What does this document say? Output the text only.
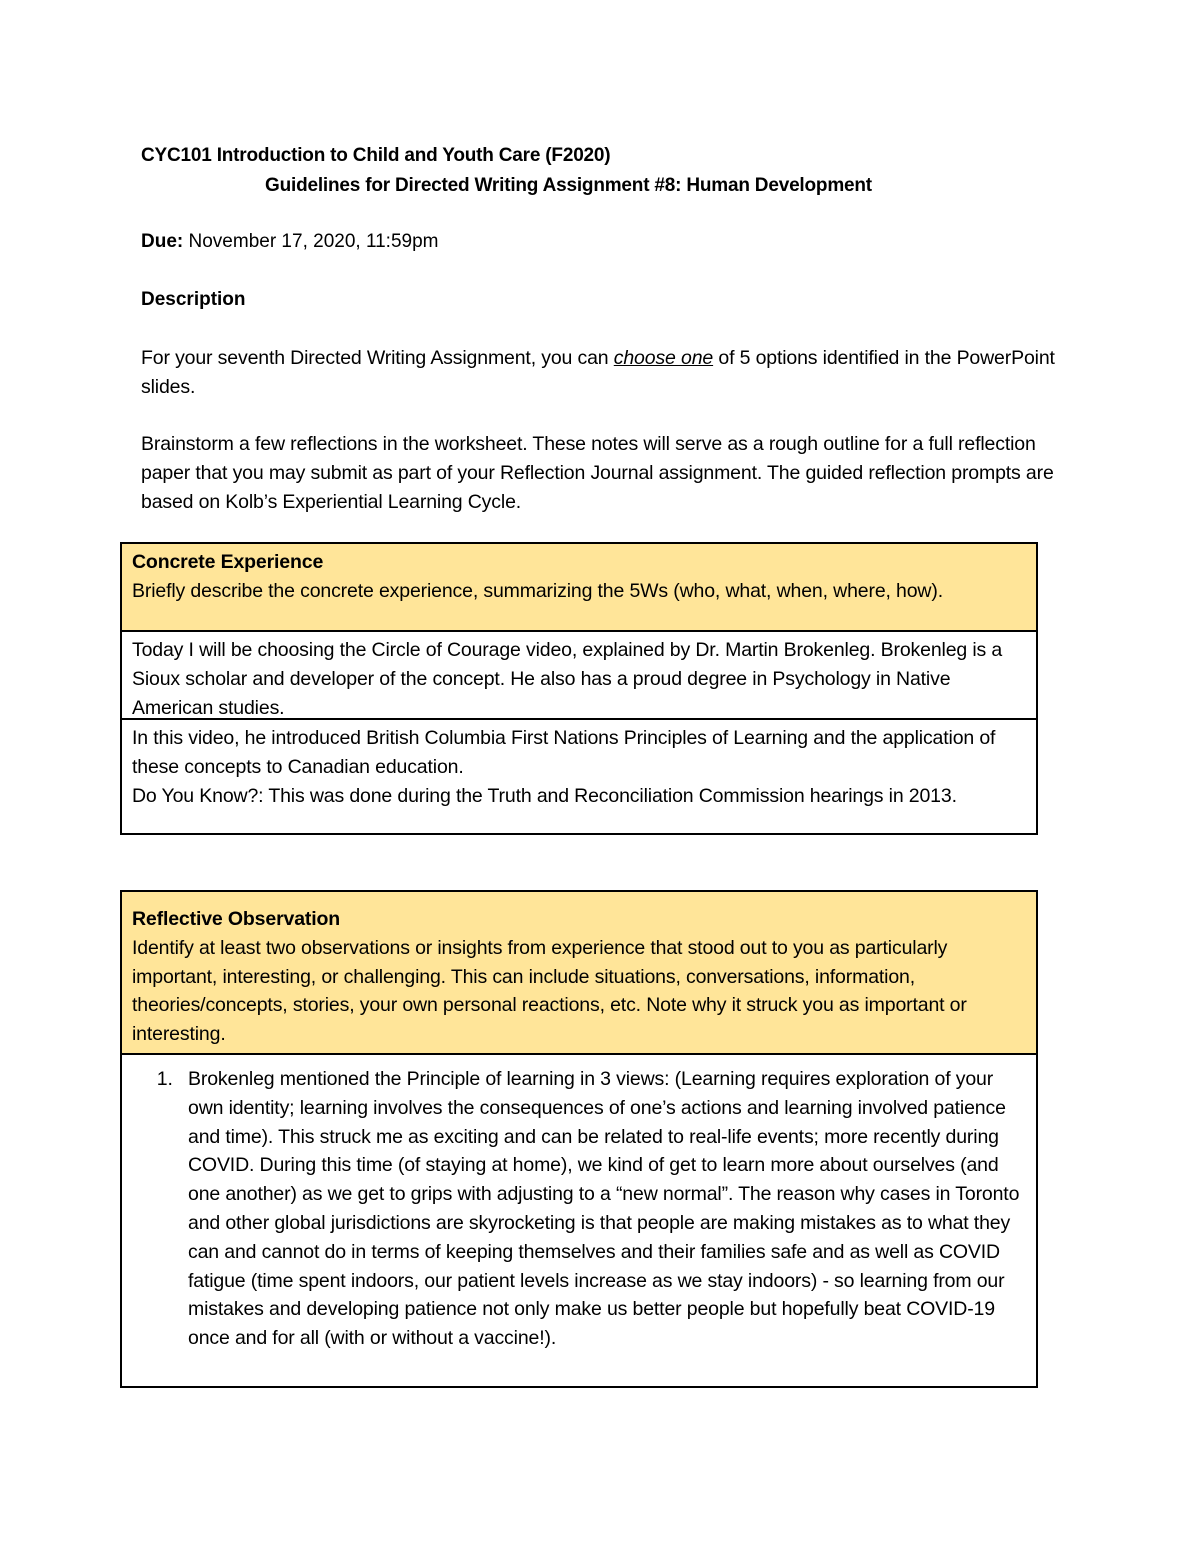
CYC101 Introduction to Child and Youth Care (F2020)
Guidelines for Directed Writing Assignment #8: Human Development
Due: November 17, 2020, 11:59pm
Description
For your seventh Directed Writing Assignment, you can choose one of 5 options identified in the PowerPoint slides.
Brainstorm a few reflections in the worksheet. These notes will serve as a rough outline for a full reflection paper that you may submit as part of your Reflection Journal assignment. The guided reflection prompts are based on Kolb’s Experiential Learning Cycle.
Concrete Experience
Briefly describe the concrete experience, summarizing the 5Ws (who, what, when, where, how).
Today I will be choosing the Circle of Courage video, explained by Dr. Martin Brokenleg. Brokenleg is a Sioux scholar and developer of the concept. He also has a proud degree in Psychology in Native American studies.
In this video, he introduced British Columbia First Nations Principles of Learning and the application of these concepts to Canadian education.
Do You Know?: This was done during the Truth and Reconciliation Commission hearings in 2013.
Reflective Observation
Identify at least two observations or insights from experience that stood out to you as particularly important, interesting, or challenging. This can include situations, conversations, information, theories/concepts, stories, your own personal reactions, etc. Note why it struck you as important or interesting.
1. Brokenleg mentioned the Principle of learning in 3 views: (Learning requires exploration of your own identity; learning involves the consequences of one’s actions and learning involved patience and time). This struck me as exciting and can be related to real-life events; more recently during COVID. During this time (of staying at home), we kind of get to learn more about ourselves (and one another) as we get to grips with adjusting to a “new normal”. The reason why cases in Toronto and other global jurisdictions are skyrocketing is that people are making mistakes as to what they can and cannot do in terms of keeping themselves and their families safe and as well as COVID fatigue (time spent indoors, our patient levels increase as we stay indoors) - so learning from our mistakes and developing patience not only make us better people but hopefully beat COVID-19 once and for all (with or without a vaccine!).
